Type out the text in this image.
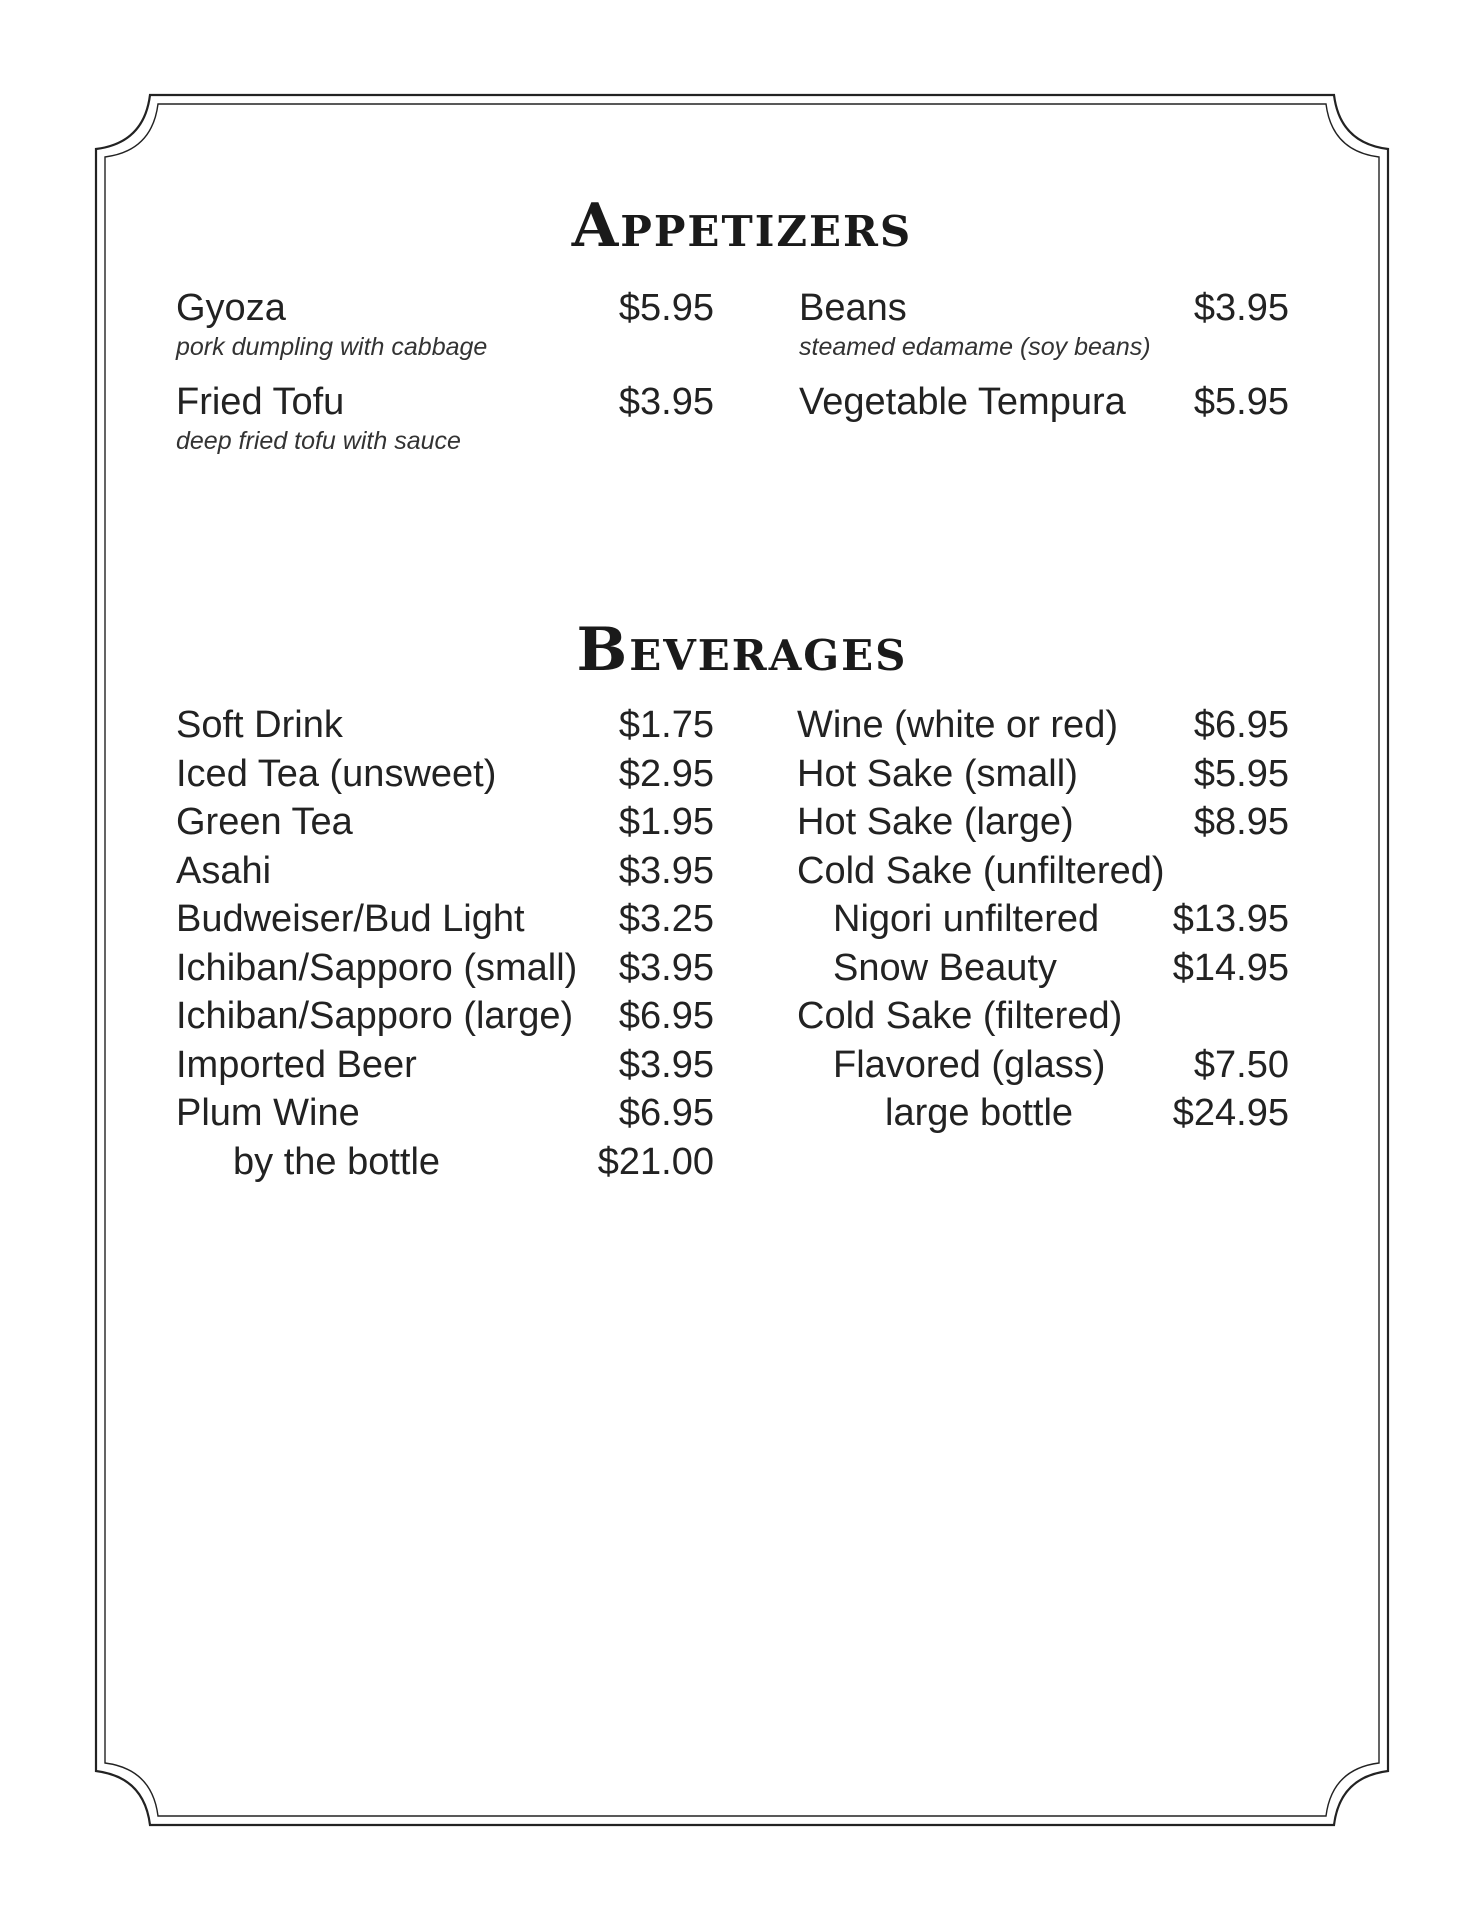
Appetizers
Gyoza	$5.95
pork dumpling with cabbage
Fried Tofu	$3.95
deep fried tofu with sauce
Beans	$3.95
steamed edamame (soy beans)
Vegetable Tempura	$5.95
Beverages
Soft Drink	$1.75
Iced Tea (unsweet)	$2.95
Green Tea	$1.95
Asahi	$3.95
Budweiser/Bud Light	$3.25
Ichiban/Sapporo (small)	$3.95
Ichiban/Sapporo (large)	$6.95
Imported Beer	$3.95
Plum Wine	$6.95
by the bottle	$21.00
Wine (white or red)	$6.95
Hot Sake (small)	$5.95
Hot Sake (large)	$8.95
Cold Sake (unfiltered)
Nigori unfiltered	$13.95
Snow Beauty	$14.95
Cold Sake (filtered)
Flavored (glass)	$7.50
large bottle	$24.95
